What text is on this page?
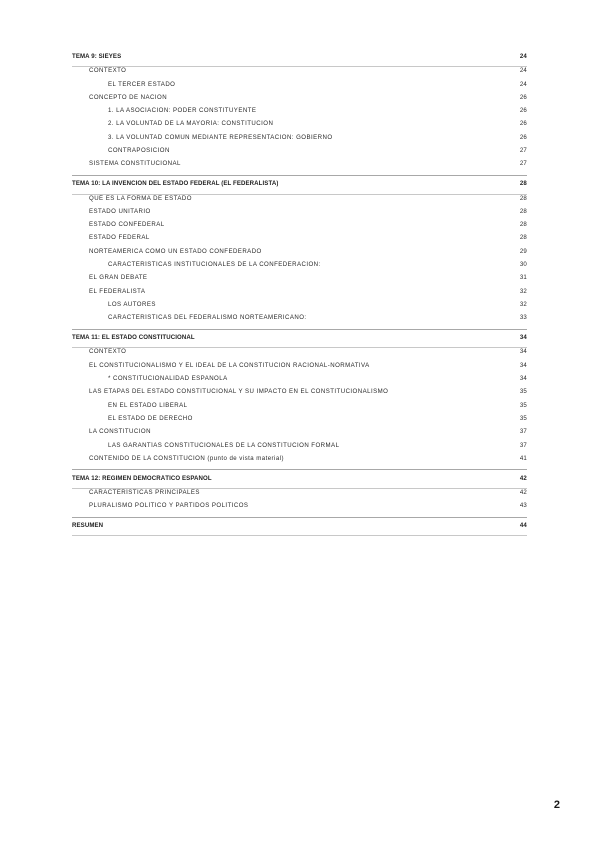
TEMA 9: SIÈYES	24
CONTEXTO	24
EL TERCER ESTADO	24
CONCEPTO DE NACIÓN	26
1. LA ASOCIACIÓN: PODER CONSTITUYENTE	26
2. LA VOLUNTAD DE LA MAYORÍA: CONSTITUCIÓN	26
3. LA VOLUNTAD COMÚN MEDIANTE REPRESENTACIÓN: GOBIERNO	26
CONTRAPOSICIÓN	27
SISTEMA CONSTITUCIONAL	27
TEMA 10: LA INVENCIÓN DEL ESTADO FEDERAL (EL FEDERALISTA)	28
QUÉ ES LA FORMA DE ESTADO	28
ESTADO UNITARIO	28
ESTADO CONFEDERAL	28
ESTADO FEDERAL	28
NORTEAMÉRICA COMO UN ESTADO CONFEDERADO	29
CARACTERÍSTICAS INSTITUCIONALES DE LA CONFEDERACIÓN:	30
EL GRAN DEBATE	31
EL FEDERALISTA	32
LOS AUTORES	32
CARACTERÍSTICAS DEL FEDERALISMO NORTEAMERICANO:	33
TEMA 11: EL ESTADO CONSTITUCIONAL	34
CONTEXTO	34
EL CONSTITUCIONALISMO Y EL IDEAL DE LA CONSTITUCIÓN RACIONAL-NORMATIVA	34
* CONSTITUCIONALIDAD ESPAÑOLA	34
LAS ETAPAS DEL ESTADO CONSTITUCIONAL Y SU IMPACTO EN EL CONSTITUCIONALISMO	35
EN EL ESTADO LIBERAL	35
EL ESTADO DE DERECHO	35
LA CONSTITUCIÓN	37
LAS GARANTÍAS CONSTITUCIONALES DE LA CONSTITUCIÓN FORMAL	37
CONTENIDO DE LA CONSTITUCIÓN (punto de vista material)	41
TEMA 12: RÉGIMEN DEMOCRÁTICO ESPAÑOL	42
CARACTERÍSTICAS PRINCIPALES	42
PLURALISMO POLÍTICO Y PARTIDOS POLÍTICOS	43
RESUMEN	44
2
